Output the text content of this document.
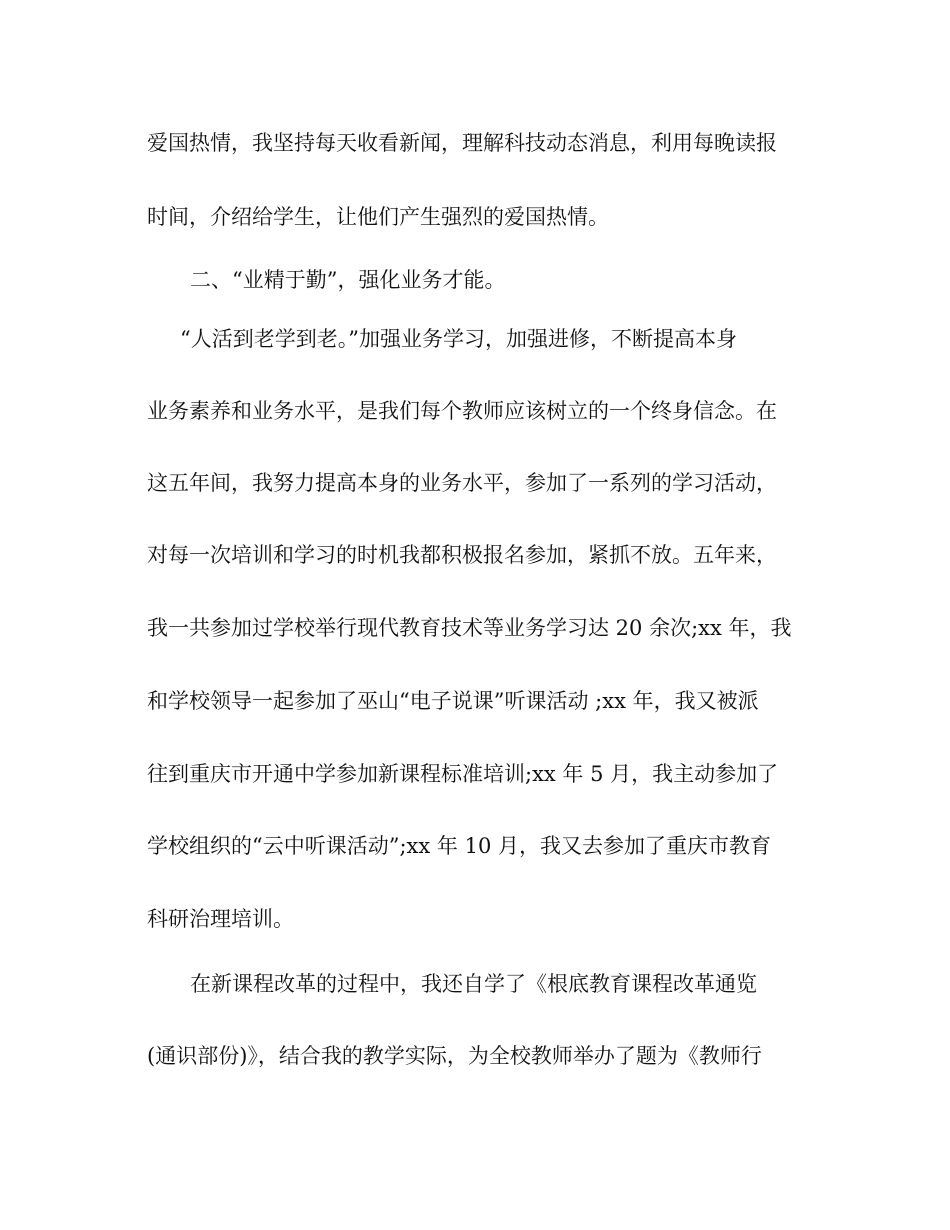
爱国热情，我坚持每天收看新闻，理解科技动态消息，利用每晚读报
时间，介绍给学生，让他们产生强烈的爱国热情。
二、“业精于勤”，强化业务才能。
“人活到老学到老。”加强业务学习，加强进修，不断提高本身
业务素养和业务水平，是我们每个教师应该树立的一个终身信念。在
这五年间，我努力提高本身的业务水平，参加了一系列的学习活动，
对每一次培训和学习的时机我都积极报名参加，紧抓不放。五年来，
我一共参加过学校举行现代教育技术等业务学习达 20 余次;xx 年，我
和学校领导一起参加了巫山“电子说课”听课活动 ;xx 年，我又被派
往到重庆市开通中学参加新课程标准培训;xx 年 5 月，我主动参加了
学校组织的“云中听课活动”;xx 年 10 月，我又去参加了重庆市教育
科研治理培训。
在新课程改革的过程中，我还自学了《根底教育课程改革通览
(通识部份)》，结合我的教学实际，为全校教师举办了题为《教师行
